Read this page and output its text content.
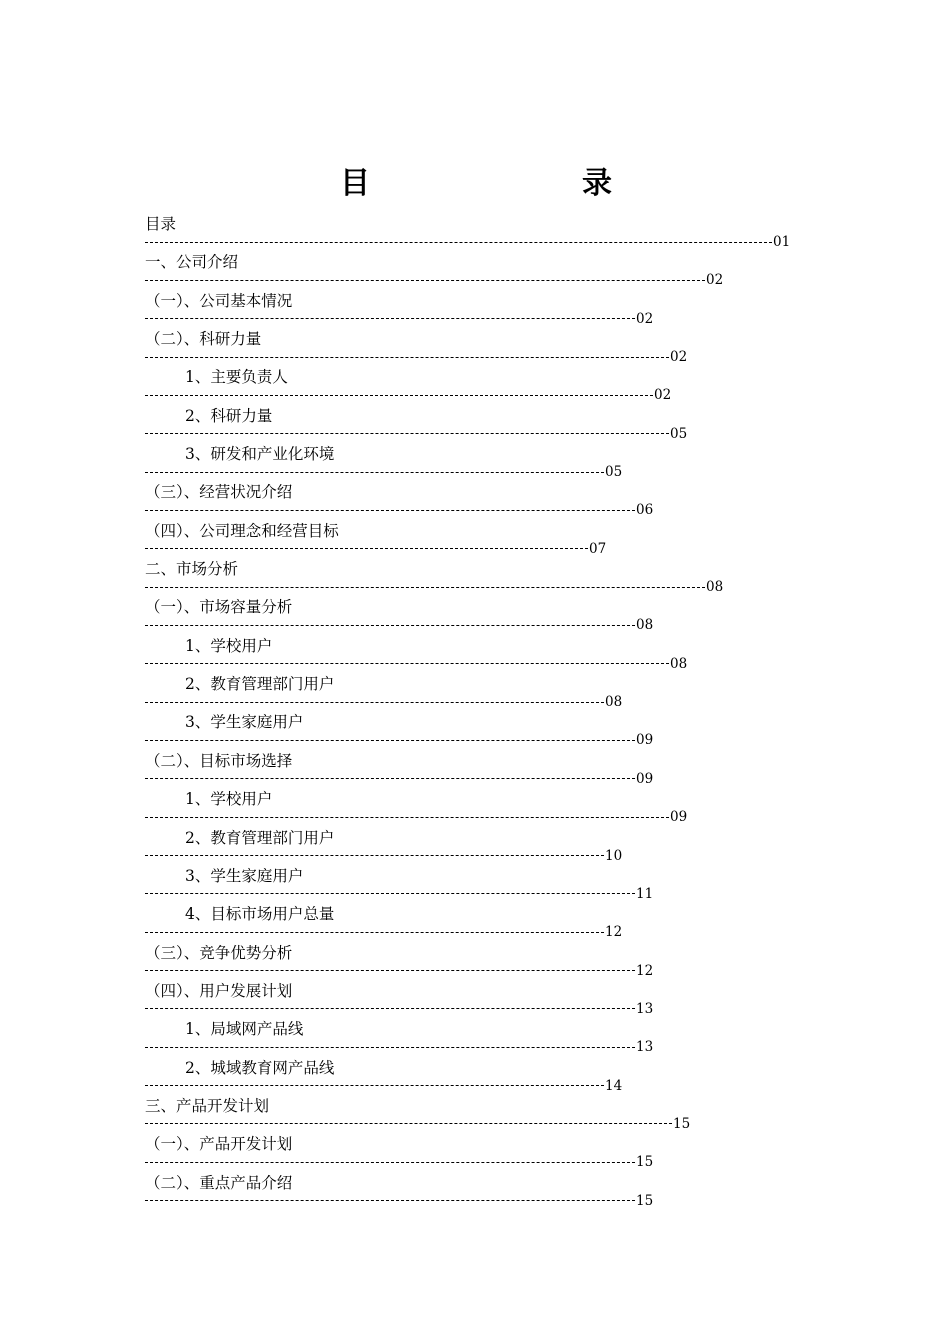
目	录
目录
01
一、公司介绍
02
（一）、公司基本情况
02
（二）、科研力量
02
1、主要负责人
02
2、科研力量
05
3、研发和产业化环境
05
（三）、经营状况介绍
06
（四）、公司理念和经营目标
07
二、市场分析
08
（一）、市场容量分析
08
1、学校用户
08
2、教育管理部门用户
08
3、学生家庭用户
09
（二）、目标市场选择
09
1、学校用户
09
2、教育管理部门用户
10
3、学生家庭用户
11
4、目标市场用户总量
12
（三）、竞争优势分析
12
（四）、用户发展计划
13
1、局域网产品线
13
2、城域教育网产品线
14
三、产品开发计划
15
（一）、产品开发计划
15
（二）、重点产品介绍
15
